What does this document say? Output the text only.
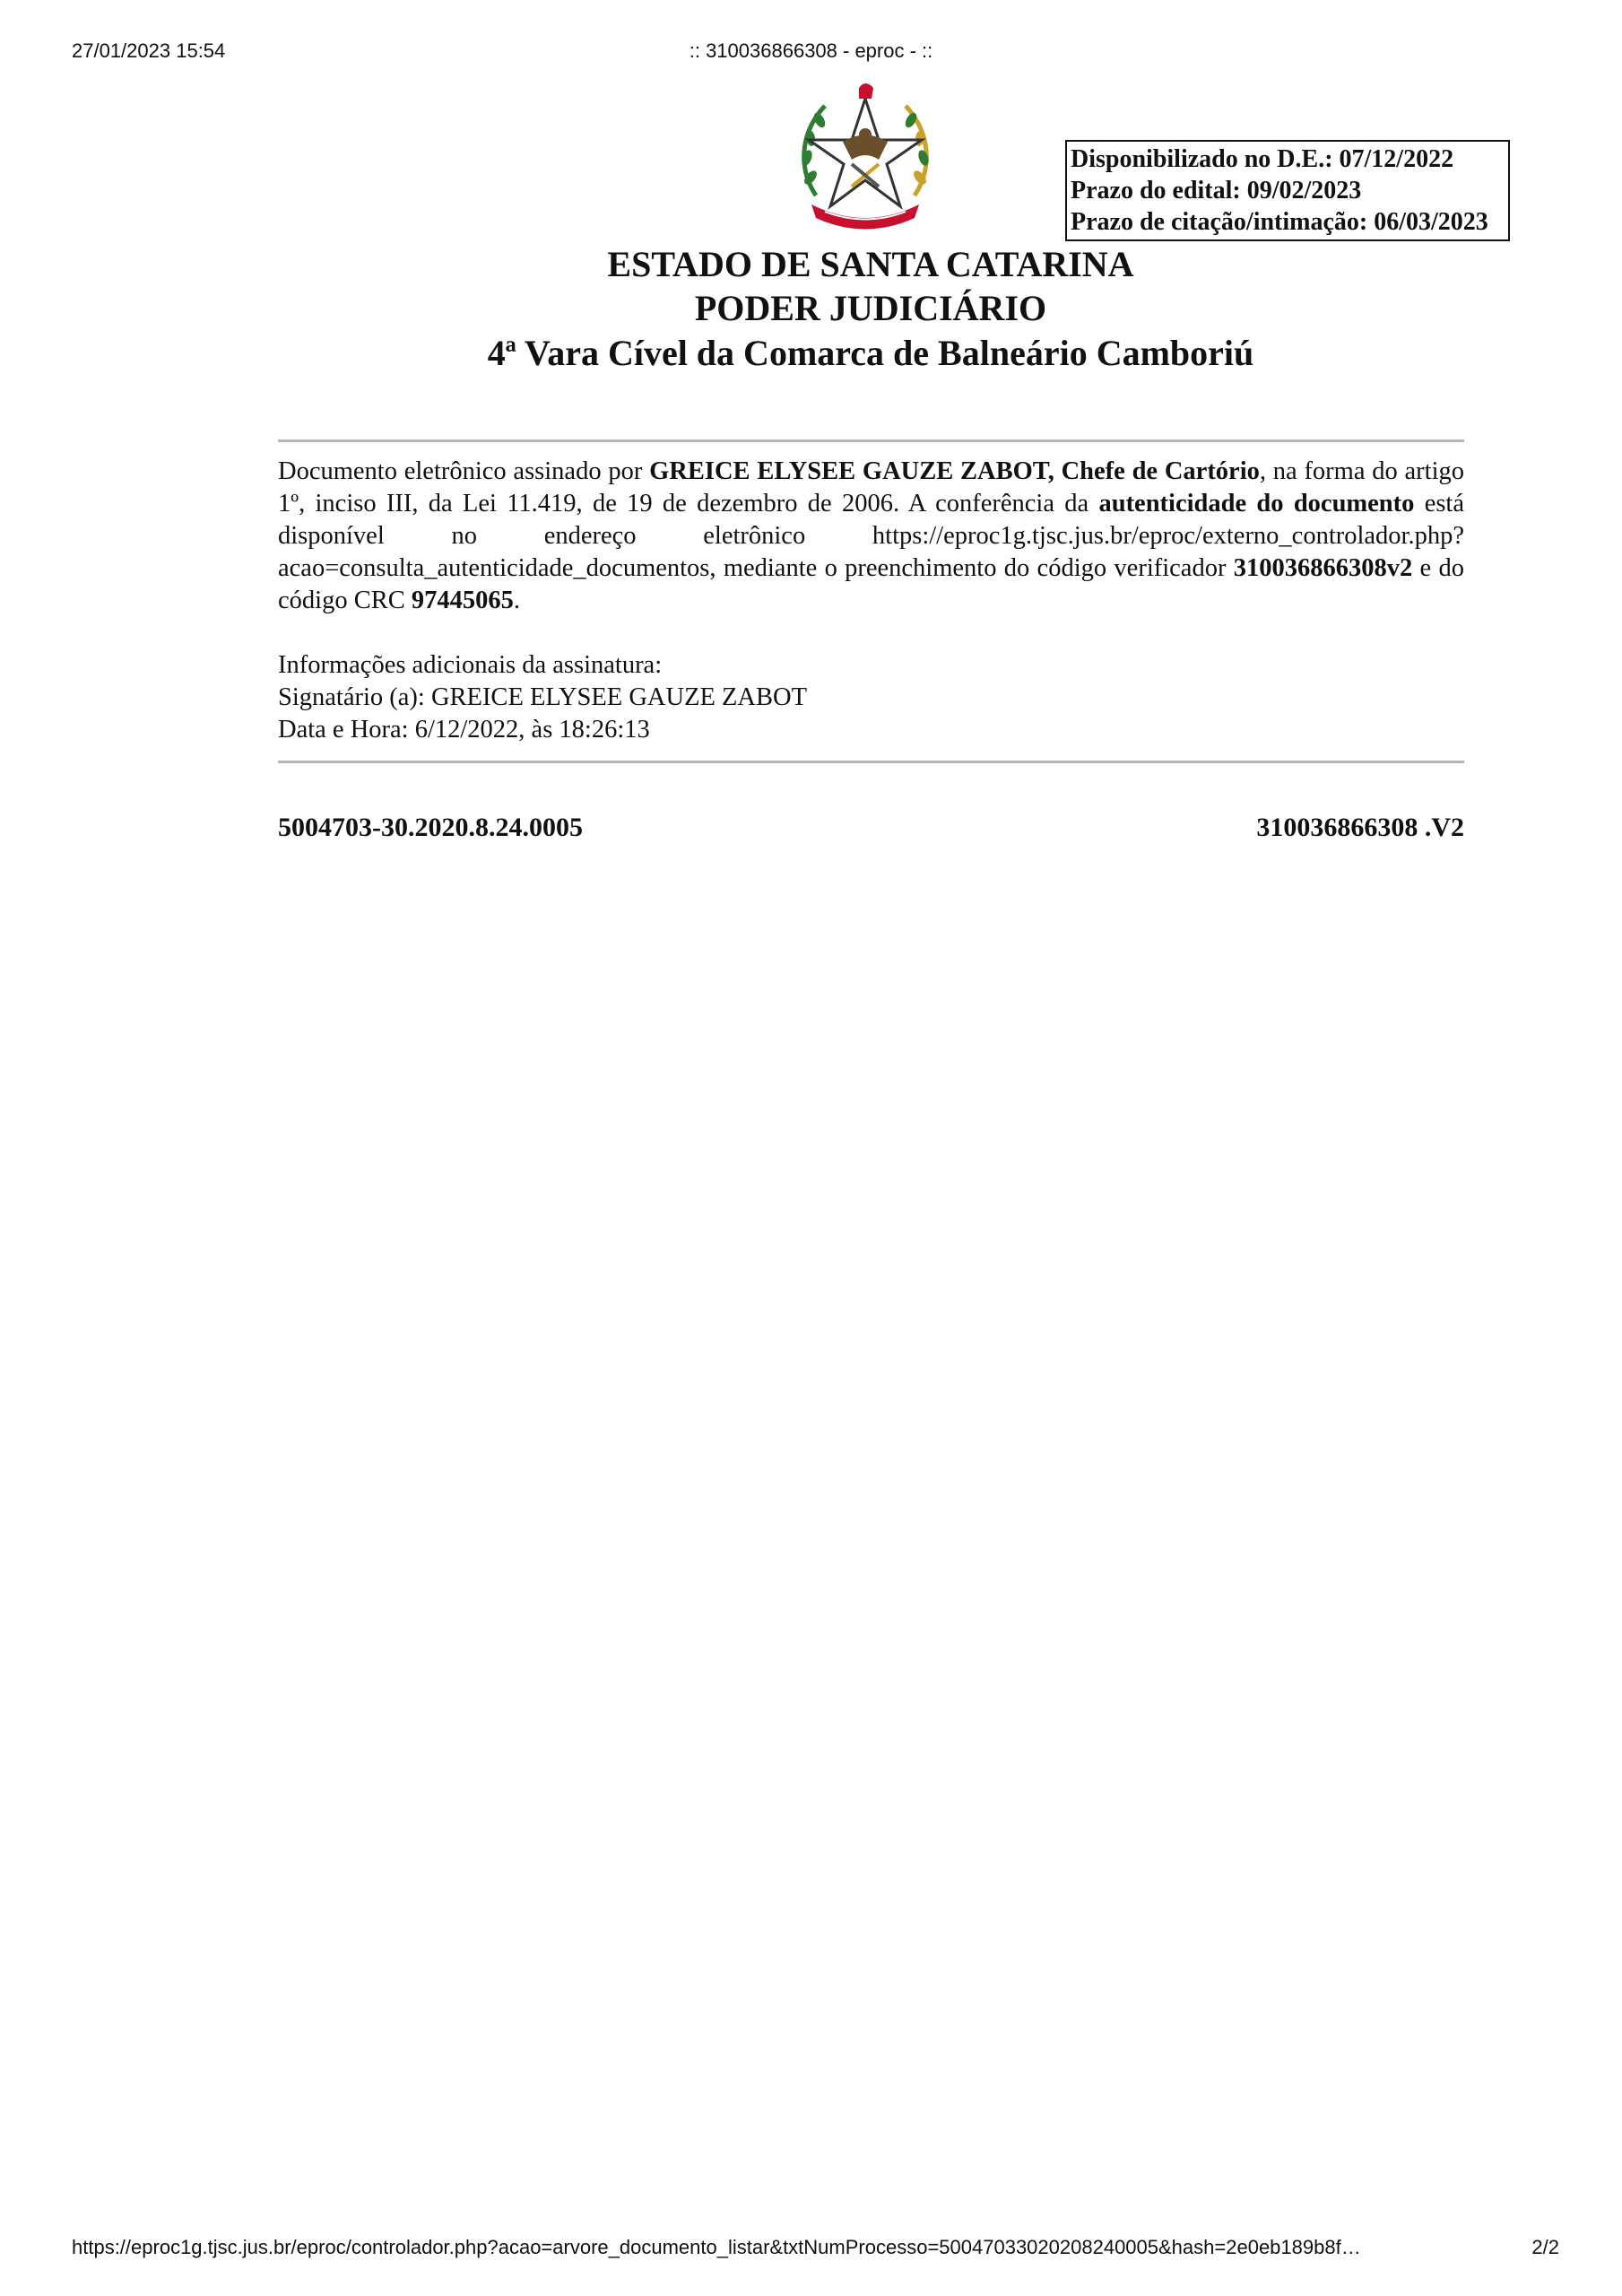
27/01/2023 15:54	:: 310036866308 - eproc - ::
Disponibilizado no D.E.: 07/12/2022
Prazo do edital: 09/02/2023
Prazo de citação/intimação: 06/03/2023
ESTADO DE SANTA CATARINA
PODER JUDICIÁRIO
4ª Vara Cível da Comarca de Balneário Camboriú

Documento eletrônico assinado por GREICE ELYSEE GAUZE ZABOT, Chefe de Cartório, na forma do artigo 1º, inciso III, da Lei 11.419, de 19 de dezembro de 2006. A conferência da autenticidade do documento está disponível no endereço eletrônico https://eproc1g.tjsc.jus.br/eproc/externo_controlador.php?acao=consulta_autenticidade_documentos, mediante o preenchimento do código verificador 310036866308v2 e do código CRC 97445065.

Informações adicionais da assinatura:
Signatário (a): GREICE ELYSEE GAUZE ZABOT
Data e Hora: 6/12/2022, às 18:26:13
5004703-30.2020.8.24.0005	310036866308 .V2
https://eproc1g.tjsc.jus.br/eproc/controlador.php?acao=arvore_documento_listar&txtNumProcesso=50047033020208240005&hash=2e0eb189b8f…	2/2
